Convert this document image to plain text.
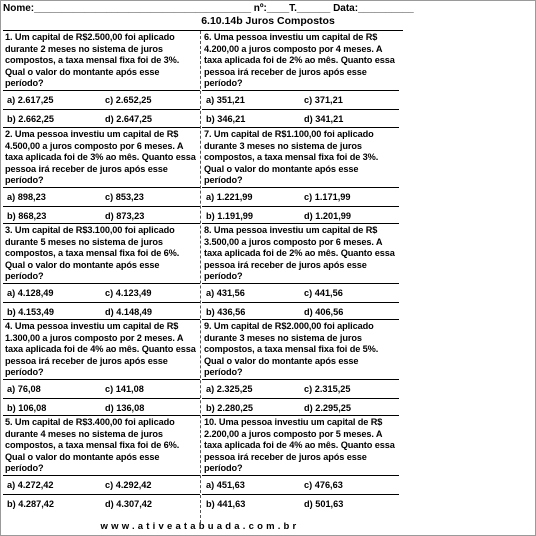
Nome:_______________________________________ nº:____T.______ Data:__________
6.10.14b Juros Compostos
1. Um capital de R$2.500,00 foi aplicado durante 2 meses no sistema de juros compostos, a taxa mensal fixa foi de 3%. Qual o valor do montante após esse período?
a) 2.617,25	c) 2.652,25
b) 2.662,25	d) 2.647,25
2. Uma pessoa investiu um capital de R$ 4.500,00 a juros composto por 6 meses. A taxa aplicada foi de 3% ao mês. Quanto essa pessoa irá receber de juros após esse período?
a) 898,23	c) 853,23
b) 868,23	d) 873,23
3. Um capital de R$3.100,00 foi aplicado durante 5 meses no sistema de juros compostos, a taxa mensal fixa foi de 6%. Qual o valor do montante após esse período?
a) 4.128,49	c) 4.123,49
b) 4.153,49	d) 4.148,49
4. Uma pessoa investiu um capital de R$ 1.300,00 a juros composto por 2 meses. A taxa aplicada foi de 4% ao mês. Quanto essa pessoa irá receber de juros após esse período?
a) 76,08	c) 141,08
b) 106,08	d) 136,08
5. Um capital de R$3.400,00 foi aplicado durante 4 meses no sistema de juros compostos, a taxa mensal fixa foi de 6%. Qual o valor do montante após esse período?
a) 4.272,42	c) 4.292,42
b) 4.287,42	d) 4.307,42
6. Uma pessoa investiu um capital de R$ 4.200,00 a juros composto por 4 meses. A taxa aplicada foi de 2% ao mês. Quanto essa pessoa irá receber de juros após esse período?
a) 351,21	c) 371,21
b) 346,21	d) 341,21
7. Um capital de R$1.100,00 foi aplicado durante 3 meses no sistema de juros compostos, a taxa mensal fixa foi de 3%. Qual o valor do montante após esse período?
a) 1.221,99	c) 1.171,99
b) 1.191,99	d) 1.201,99
8. Uma pessoa investiu um capital de R$ 3.500,00 a juros composto por 6 meses. A taxa aplicada foi de 2% ao mês. Quanto essa pessoa irá receber de juros após esse período?
a) 431,56	c) 441,56
b) 436,56	d) 406,56
9. Um capital de R$2.000,00 foi aplicado durante 3 meses no sistema de juros compostos, a taxa mensal fixa foi de 5%. Qual o valor do montante após esse período?
a) 2.325,25	c) 2.315,25
b) 2.280,25	d) 2.295,25
10. Uma pessoa investiu um capital de R$ 2.200,00 a juros composto por 5 meses. A taxa aplicada foi de 4% ao mês. Quanto essa pessoa irá receber de juros após esse período?
a) 451,63	c) 476,63
b) 441,63	d) 501,63
www.ativeatabuada.com.br
